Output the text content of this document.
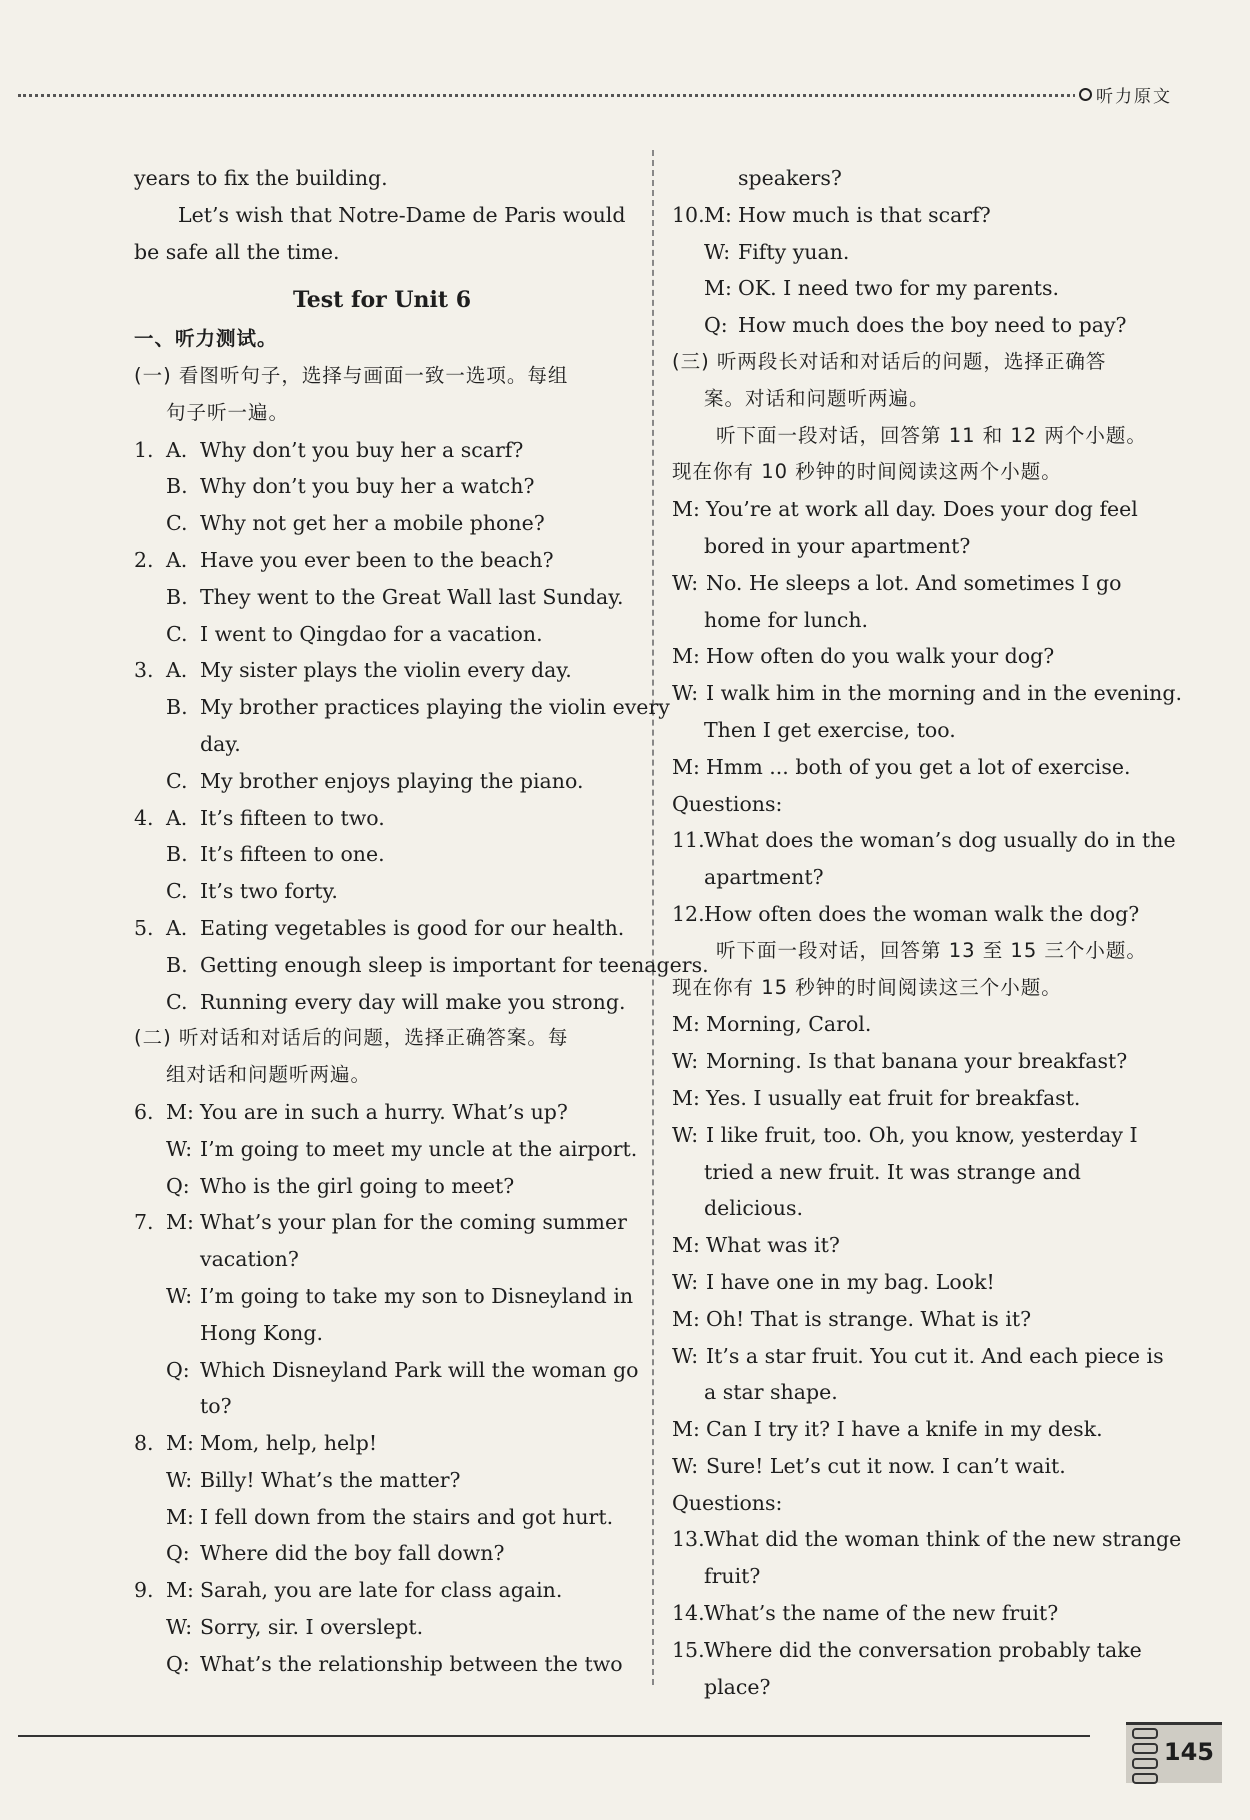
听力原文
years to fix the building.
Let’s wish that Notre-Dame de Paris would
be safe all the time.
Test for Unit 6
一、听力测试。
(一) 看图听句子，选择与画面一致一选项。每组
句子听一遍。
1. A. Why don’t you buy her a scarf?
B. Why don’t you buy her a watch?
C. Why not get her a mobile phone?
2. A. Have you ever been to the beach?
B. They went to the Great Wall last Sunday.
C. I went to Qingdao for a vacation.
3. A. My sister plays the violin every day.
B. My brother practices playing the violin every
day.
C. My brother enjoys playing the piano.
4. A. It’s fifteen to two.
B. It’s fifteen to one.
C. It’s two forty.
5. A. Eating vegetables is good for our health.
B. Getting enough sleep is important for teenagers.
C. Running every day will make you strong.
(二) 听对话和对话后的问题，选择正确答案。每
组对话和问题听两遍。
6. M: You are in such a hurry. What’s up?
W: I’m going to meet my uncle at the airport.
Q: Who is the girl going to meet?
7. M: What’s your plan for the coming summer
vacation?
W: I’m going to take my son to Disneyland in
Hong Kong.
Q: Which Disneyland Park will the woman go
to?
8. M: Mom, help, help!
W: Billy! What’s the matter?
M: I fell down from the stairs and got hurt.
Q: Where did the boy fall down?
9. M: Sarah, you are late for class again.
W: Sorry, sir. I overslept.
Q: What’s the relationship between the two
speakers?
10.M: How much is that scarf?
W: Fifty yuan.
M: OK. I need two for my parents.
Q: How much does the boy need to pay?
(三) 听两段长对话和对话后的问题，选择正确答
案。对话和问题听两遍。
听下面一段对话，回答第 11 和 12 两个小题。
现在你有 10 秒钟的时间阅读这两个小题。
M: You’re at work all day. Does your dog feel
bored in your apartment?
W: No. He sleeps a lot. And sometimes I go
home for lunch.
M: How often do you walk your dog?
W: I walk him in the morning and in the evening.
Then I get exercise, too.
M: Hmm ... both of you get a lot of exercise.
Questions:
11.What does the woman’s dog usually do in the
apartment?
12.How often does the woman walk the dog?
听下面一段对话，回答第 13 至 15 三个小题。
现在你有 15 秒钟的时间阅读这三个小题。
M: Morning, Carol.
W: Morning. Is that banana your breakfast?
M: Yes. I usually eat fruit for breakfast.
W: I like fruit, too. Oh, you know, yesterday I
tried a new fruit. It was strange and
delicious.
M: What was it?
W: I have one in my bag. Look!
M: Oh! That is strange. What is it?
W: It’s a star fruit. You cut it. And each piece is
a star shape.
M: Can I try it? I have a knife in my desk.
W: Sure! Let’s cut it now. I can’t wait.
Questions:
13.What did the woman think of the new strange
fruit?
14.What’s the name of the new fruit?
15.Where did the conversation probably take
place?
145
